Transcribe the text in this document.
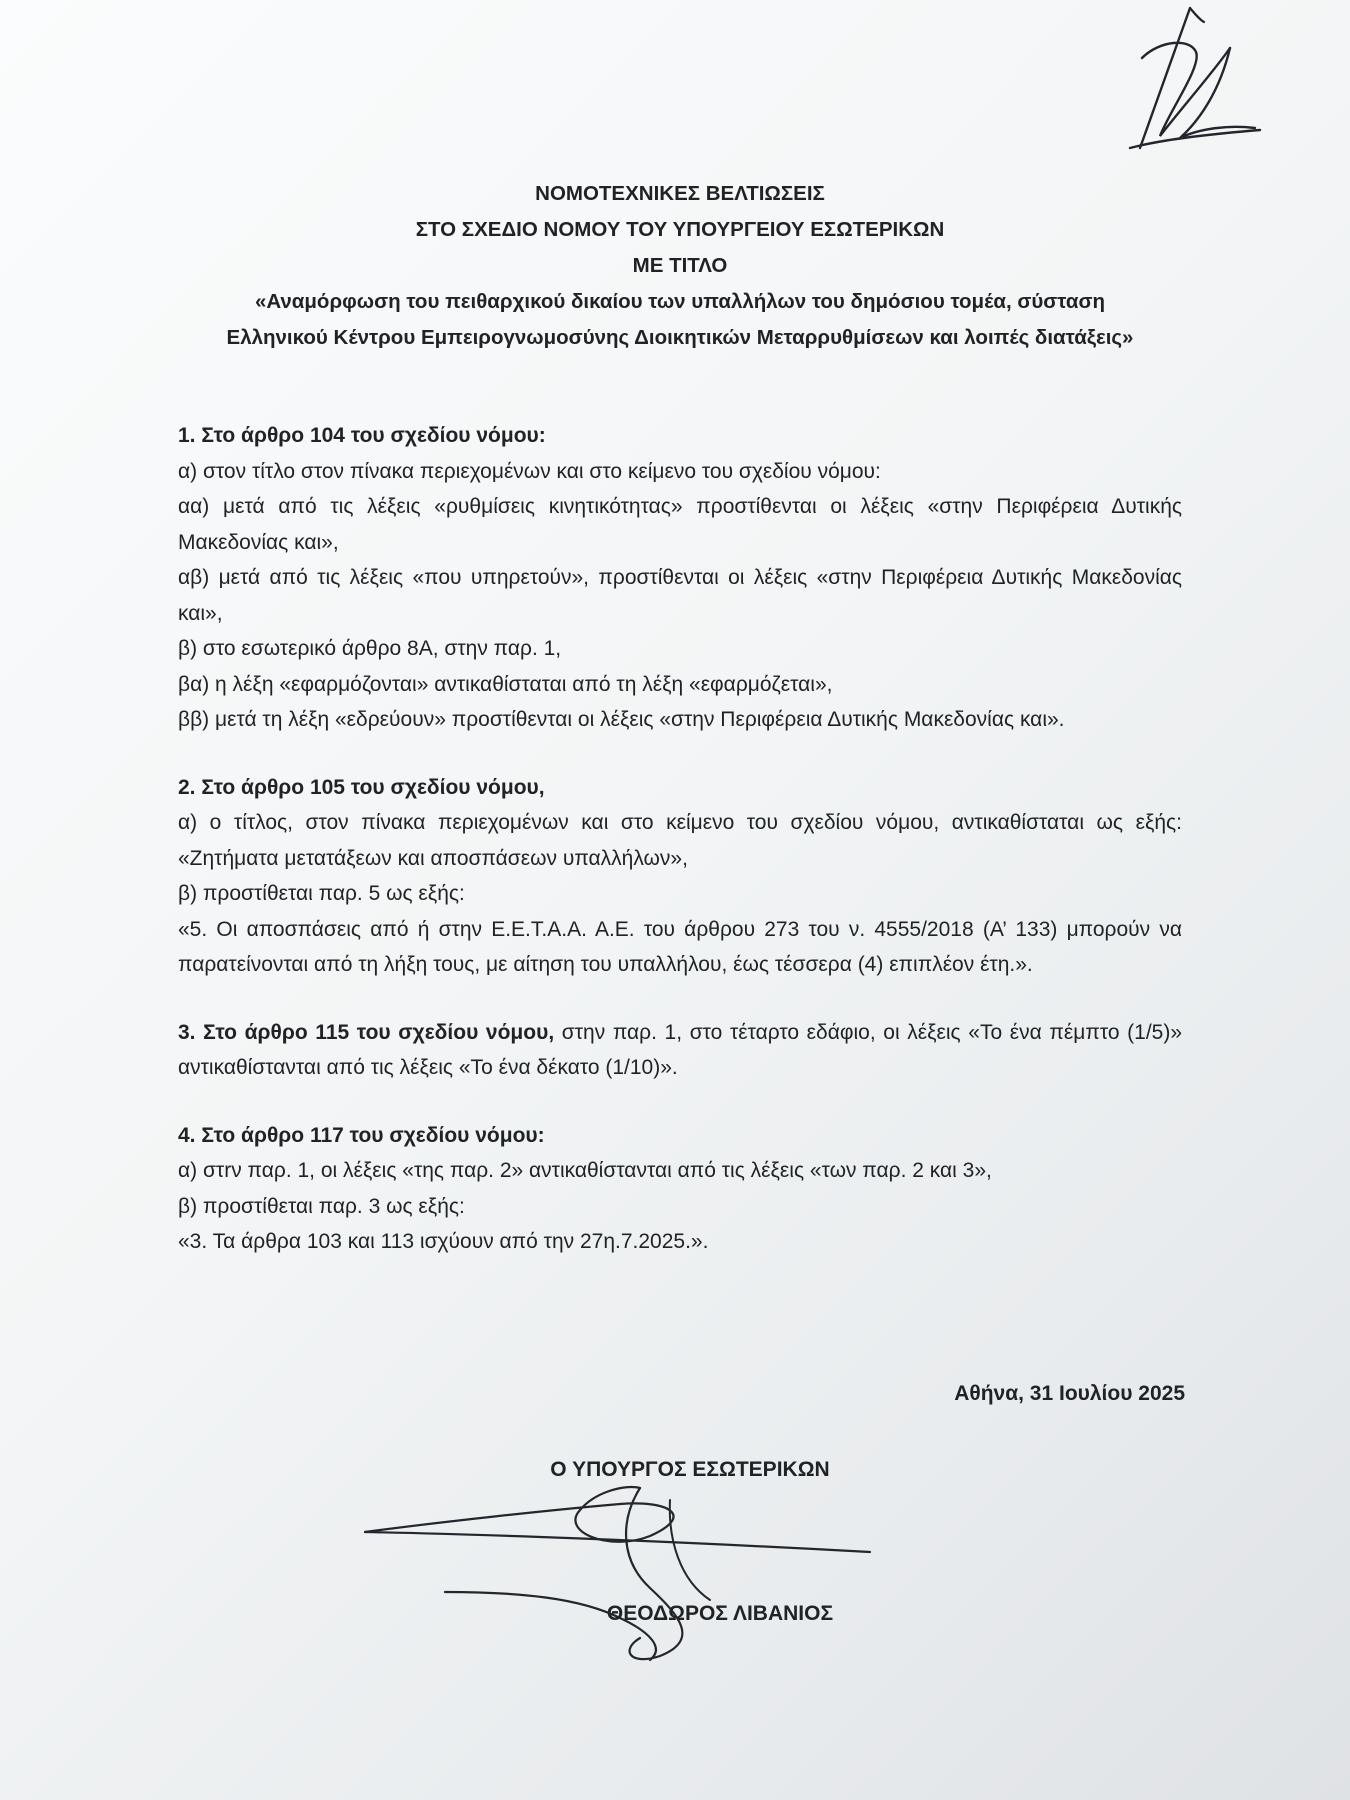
ΝΟΜΟΤΕΧΝΙΚΕΣ ΒΕΛΤΙΩΣΕΙΣ
ΣΤΟ ΣΧΕΔΙΟ ΝΟΜΟΥ ΤΟΥ ΥΠΟΥΡΓΕΙΟΥ ΕΣΩΤΕΡΙΚΩΝ
ΜΕ ΤΙΤΛΟ
«Αναμόρφωση του πειθαρχικού δικαίου των υπαλλήλων του δημόσιου τομέα, σύσταση
Ελληνικού Κέντρου Εμπειρογνωμοσύνης Διοικητικών Μεταρρυθμίσεων και λοιπές διατάξεις»

1. Στο άρθρο 104 του σχεδίου νόμου:

α) στον τίτλο στον πίνακα περιεχομένων και στο κείμενο του σχεδίου νόμου:

αα) μετά από τις λέξεις «ρυθμίσεις κινητικότητας» προστίθενται οι λέξεις «στην Περιφέρεια Δυτικής Μακεδονίας και»,

αβ) μετά από τις λέξεις «που υπηρετούν», προστίθενται οι λέξεις «στην Περιφέρεια Δυτικής Μακεδονίας και»,

β) στο εσωτερικό άρθρο 8Α, στην παρ. 1,

βα) η λέξη «εφαρμόζονται» αντικαθίσταται από τη λέξη «εφαρμόζεται»,

ββ) μετά τη λέξη «εδρεύουν» προστίθενται οι λέξεις «στην Περιφέρεια Δυτικής Μακεδονίας και».

2. Στο άρθρο 105 του σχεδίου νόμου,

α) ο τίτλος, στον πίνακα περιεχομένων και στο κείμενο του σχεδίου νόμου, αντικαθίσταται ως εξής: «Ζητήματα μετατάξεων και αποσπάσεων υπαλλήλων»,

β) προστίθεται παρ. 5 ως εξής:

«5. Οι αποσπάσεις από ή στην Ε.Ε.Τ.Α.Α. Α.Ε. του άρθρου 273 του ν. 4555/2018 (Α’ 133) μπορούν να παρατείνονται από τη λήξη τους, με αίτηση του υπαλλήλου, έως τέσσερα (4) επιπλέον έτη.».

3. Στο άρθρο 115 του σχεδίου νόμου, στην παρ. 1, στο τέταρτο εδάφιο, οι λέξεις «Το ένα πέμπτο (1/5)» αντικαθίστανται από τις λέξεις «Το ένα δέκατο (1/10)».

4. Στο άρθρο 117 του σχεδίου νόμου:

α) στrν παρ. 1, οι λέξεις «της παρ. 2» αντικαθίστανται από τις λέξεις «των παρ. 2 και 3»,

β) προστίθεται παρ. 3 ως εξής:

«3. Τα άρθρα 103 και 113 ισχύουν από την 27η.7.2025.».

Αθήνα, 31 Ιουλίου 2025
Ο ΥΠΟΥΡΓΟΣ ΕΣΩΤΕΡΙΚΩΝ
ΘΕΟΔΩΡΟΣ ΛΙΒΑΝΙΟΣ
